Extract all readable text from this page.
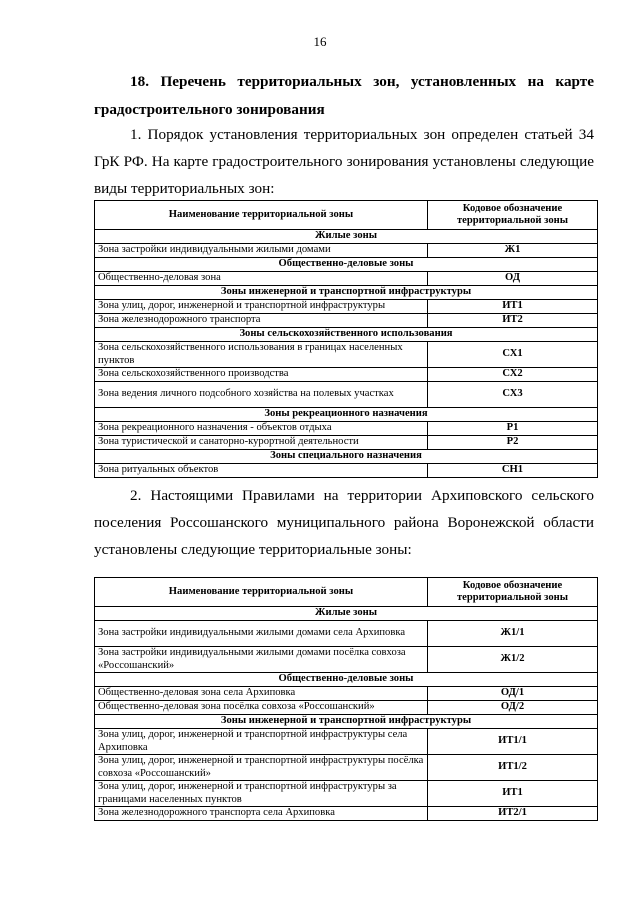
16
18. Перечень территориальных зон, установленных на карте
градостроительного зонирования
1. Порядок установления территориальных зон определен статьей 34
ГрК РФ. На карте градостроительного зонирования установлены следующие
виды территориальных зон:
Наименование территориальной зоны	Кодовое обозначение территориальной зоны
Жилые зоны	
Зона застройки индивидуальными жилыми домами	Ж1
Общественно-деловые зоны	
Общественно-деловая зона	ОД
Зоны инженерной и транспортной инфраструктуры	
Зона улиц, дорог, инженерной и транспортной инфраструктуры	ИТ1
Зона железнодорожного транспорта	ИТ2
Зоны сельскохозяйственного использования	
Зона сельскохозяйственного использования в границах населенных пунктов	СХ1
Зона сельскохозяйственного производства	СХ2
Зона ведения личного подсобного хозяйства на полевых участках	СХ3
Зоны рекреационного назначения	
Зона рекреационного назначения - объектов отдыха	Р1
Зона туристической и санаторно-курортной деятельности	Р2
Зоны специального назначения	
Зона ритуальных объектов	СН1
2. Настоящими Правилами на территории Архиповского сельского
поселения Россошанского муниципального района Воронежской области
установлены следующие территориальные зоны:
Наименование территориальной зоны	Кодовое обозначение территориальной зоны
Жилые зоны	
Зона застройки индивидуальными жилыми домами села Архиповка	Ж1/1
Зона застройки индивидуальными жилыми домами посёлка совхоза «Россошанский»	Ж1/2
Общественно-деловые зоны	
Общественно-деловая зона села Архиповка	ОД/1
Общественно-деловая зона посёлка совхоза «Россошанский»	ОД/2
Зоны инженерной и транспортной инфраструктуры	
Зона улиц, дорог, инженерной и транспортной инфраструктуры села Архиповка	ИТ1/1
Зона улиц, дорог, инженерной и транспортной инфраструктуры посёлка совхоза «Россошанский»	ИТ1/2
Зона улиц, дорог, инженерной и транспортной инфраструктуры за границами населенных пунктов	ИТ1
Зона железнодорожного транспорта села Архиповка	ИТ2/1
